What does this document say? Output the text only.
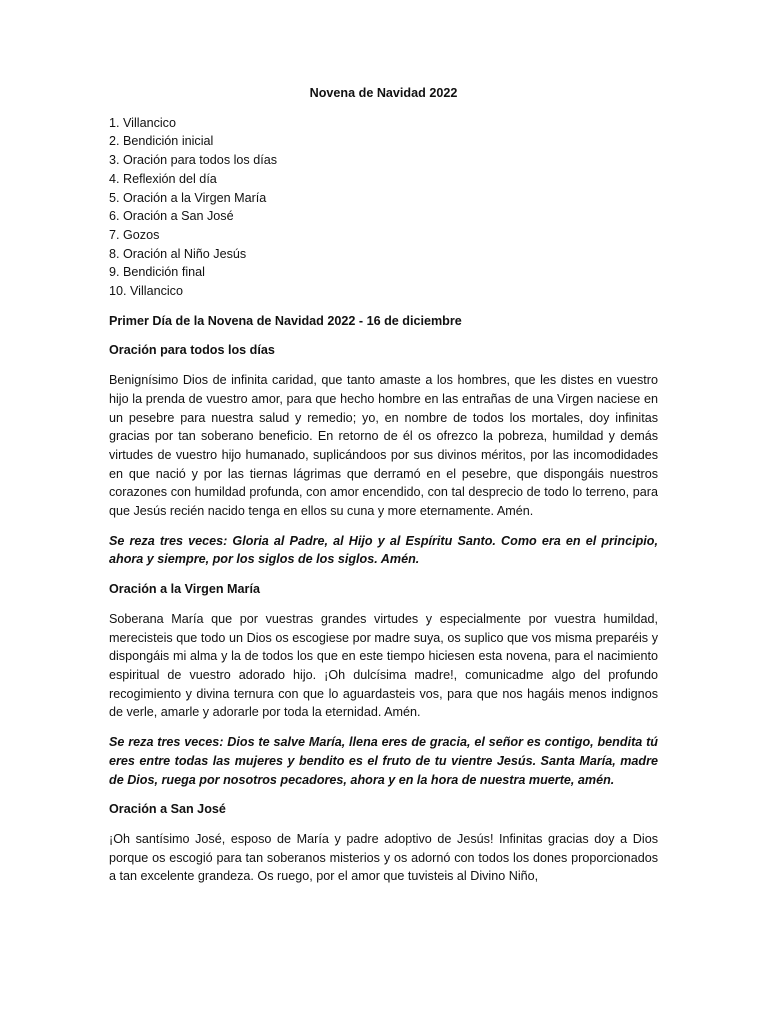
Novena de Navidad 2022

1. Villancico
2. Bendición inicial
3. Oración para todos los días
4. Reflexión del día
5. Oración a la Virgen María
6. Oración a San José
7. Gozos
8. Oración al Niño Jesús
9. Bendición final
10. Villancico

Primer Día de la Novena de Navidad 2022 - 16 de diciembre

Oración para todos los días

Benignísimo Dios de infinita caridad, que tanto amaste a los hombres, que les distes en vuestro hijo la prenda de vuestro amor, para que hecho hombre en las entrañas de una Virgen naciese en un pesebre para nuestra salud y remedio; yo, en nombre de todos los mortales, doy infinitas gracias por tan soberano beneficio. En retorno de él os ofrezco la pobreza, humildad y demás virtudes de vuestro hijo humanado, suplicándoos por sus divinos méritos, por las incomodidades en que nació y por las tiernas lágrimas que derramó en el pesebre, que dispongáis nuestros corazones con humildad profunda, con amor encendido, con tal desprecio de todo lo terreno, para que Jesús recién nacido tenga en ellos su cuna y more eternamente. Amén.

Se reza tres veces: Gloria al Padre, al Hijo y al Espíritu Santo. Como era en el principio, ahora y siempre, por los siglos de los siglos. Amén.

Oración a la Virgen María

Soberana María que por vuestras grandes virtudes y especialmente por vuestra humildad, merecisteis que todo un Dios os escogiese por madre suya, os suplico que vos misma preparéis y dispongáis mi alma y la de todos los que en este tiempo hiciesen esta novena, para el nacimiento espiritual de vuestro adorado hijo. ¡Oh dulcísima madre!, comunicadme algo del profundo recogimiento y divina ternura con que lo aguardasteis vos, para que nos hagáis menos indignos de verle, amarle y adorarle por toda la eternidad. Amén.

Se reza tres veces: Dios te salve María, llena eres de gracia, el señor es contigo, bendita tú eres entre todas las mujeres y bendito es el fruto de tu vientre Jesús. Santa María, madre de Dios, ruega por nosotros pecadores, ahora y en la hora de nuestra muerte, amén.

Oración a San José

¡Oh santísimo José, esposo de María y padre adoptivo de Jesús! Infinitas gracias doy a Dios porque os escogió para tan soberanos misterios y os adornó con todos los dones proporcionados a tan excelente grandeza. Os ruego, por el amor que tuvisteis al Divino Niño,
